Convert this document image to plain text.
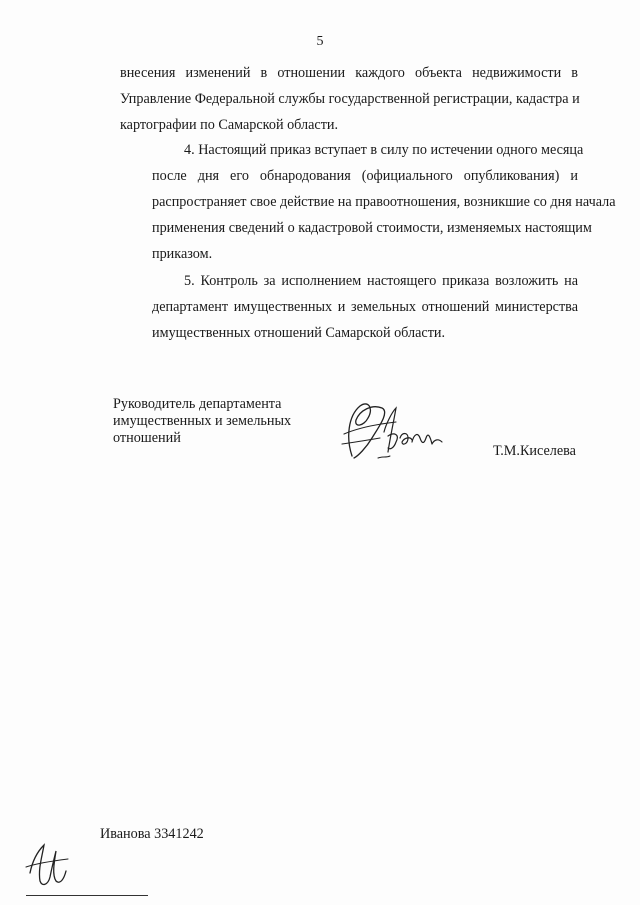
5

внесения изменений в отношении каждого объекта недвижимости в
Управление Федеральной службы государственной регистрации, кадастра и
картографии по Самарской области.

4. Настоящий приказ вступает в силу по истечении одного месяца
после дня его обнародования (официального опубликования) и
распространяет свое действие на правоотношения, возникшие со дня начала
применения сведений о кадастровой стоимости, изменяемых настоящим
приказом.

5. Контроль за исполнением настоящего приказа возложить на
департамент имущественных и земельных отношений министерства
имущественных отношений Самарской области.

Руководитель департамента
имущественных и земельных
отношений
Т.М.Киселева
Иванова 3341242
